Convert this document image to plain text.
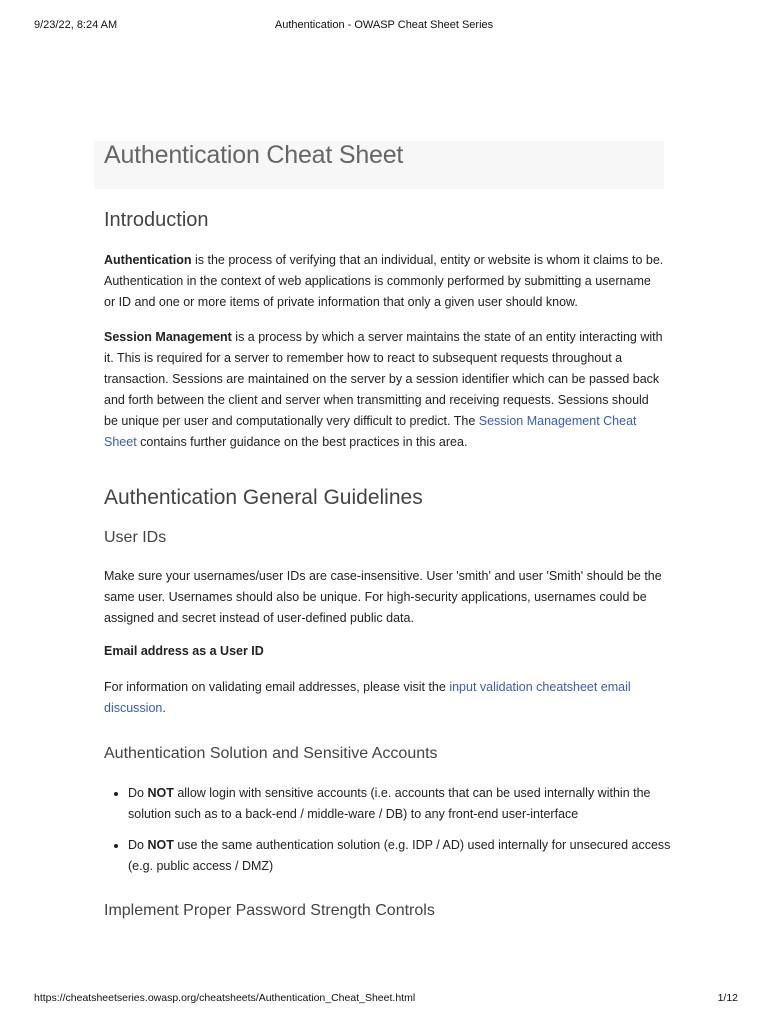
9/23/22, 8:24 AM	Authentication - OWASP Cheat Sheet Series
Authentication Cheat Sheet
Introduction

Authentication is the process of verifying that an individual, entity or website is whom it claims to be. Authentication in the context of web applications is commonly performed by submitting a username or ID and one or more items of private information that only a given user should know.

Session Management is a process by which a server maintains the state of an entity interacting with it. This is required for a server to remember how to react to subsequent requests throughout a transaction. Sessions are maintained on the server by a session identifier which can be passed back and forth between the client and server when transmitting and receiving requests. Sessions should be unique per user and computationally very difficult to predict. The Session Management Cheat Sheet contains further guidance on the best practices in this area.

Authentication General Guidelines
User IDs

Make sure your usernames/user IDs are case-insensitive. User 'smith' and user 'Smith' should be the same user. Usernames should also be unique. For high-security applications, usernames could be assigned and secret instead of user-defined public data.

Email address as a User ID

For information on validating email addresses, please visit the input validation cheatsheet email discussion.

Authentication Solution and Sensitive Accounts
• Do NOT allow login with sensitive accounts (i.e. accounts that can be used internally within the solution such as to a back-end / middle-ware / DB) to any front-end user-interface
• Do NOT use the same authentication solution (e.g. IDP / AD) used internally for unsecured access (e.g. public access / DMZ)
Implement Proper Password Strength Controls
https://cheatsheetseries.owasp.org/cheatsheets/Authentication_Cheat_Sheet.html	1/12
